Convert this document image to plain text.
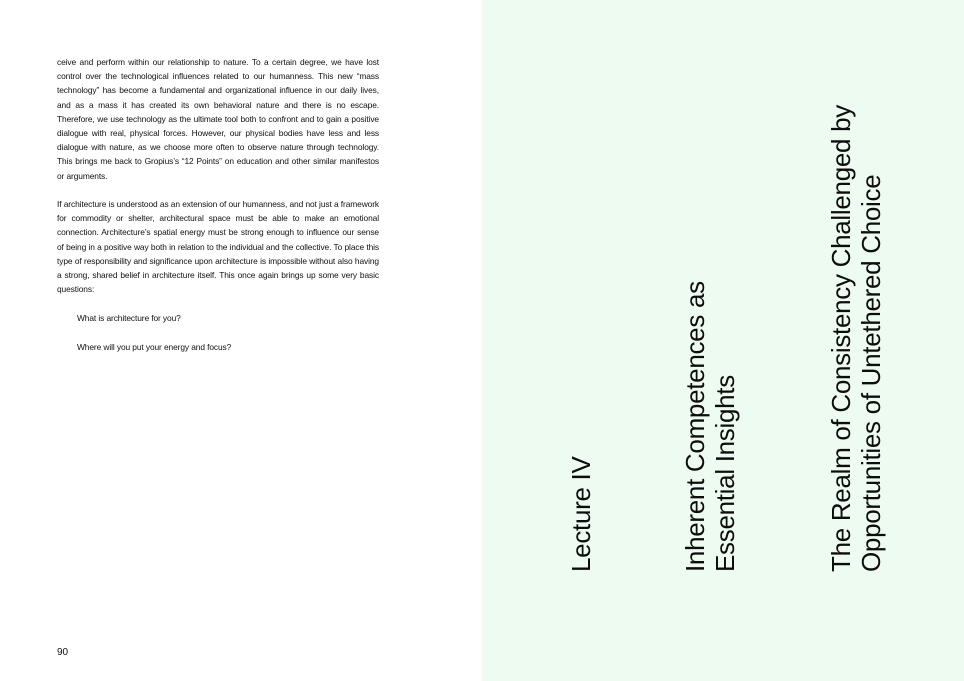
ceive and perform within our relationship to nature. To a certain degree, we have lost control over the technological influences related to our humanness. This new “mass technology” has become a fundamental and organizational influence in our daily lives, and as a mass it has created its own behavioral nature and there is no escape. Therefore, we use technology as the ultimate tool both to confront and to gain a positive dialogue with real, physical forces. However, our physical bodies have less and less dialogue with nature, as we choose more often to observe nature through technology. This brings me back to Gropius’s “12 Points” on education and other similar manifestos or arguments.

If architecture is understood as an extension of our humanness, and not just a framework for commodity or shelter, architectural space must be able to make an emotional connection. Architecture’s spatial energy must be strong enough to influence our sense of being in a positive way both in relation to the individual and the collective. To place this type of responsibility and significance upon architecture is impossible without also having a strong, shared belief in architecture itself. This once again brings up some very basic questions:

What is architecture for you?

Where will you put your energy and focus?

90
Lecture IV	Inherent Competences as Essential Insights	The Realm of Consistency Challenged by Opportunities of Untethered Choice
